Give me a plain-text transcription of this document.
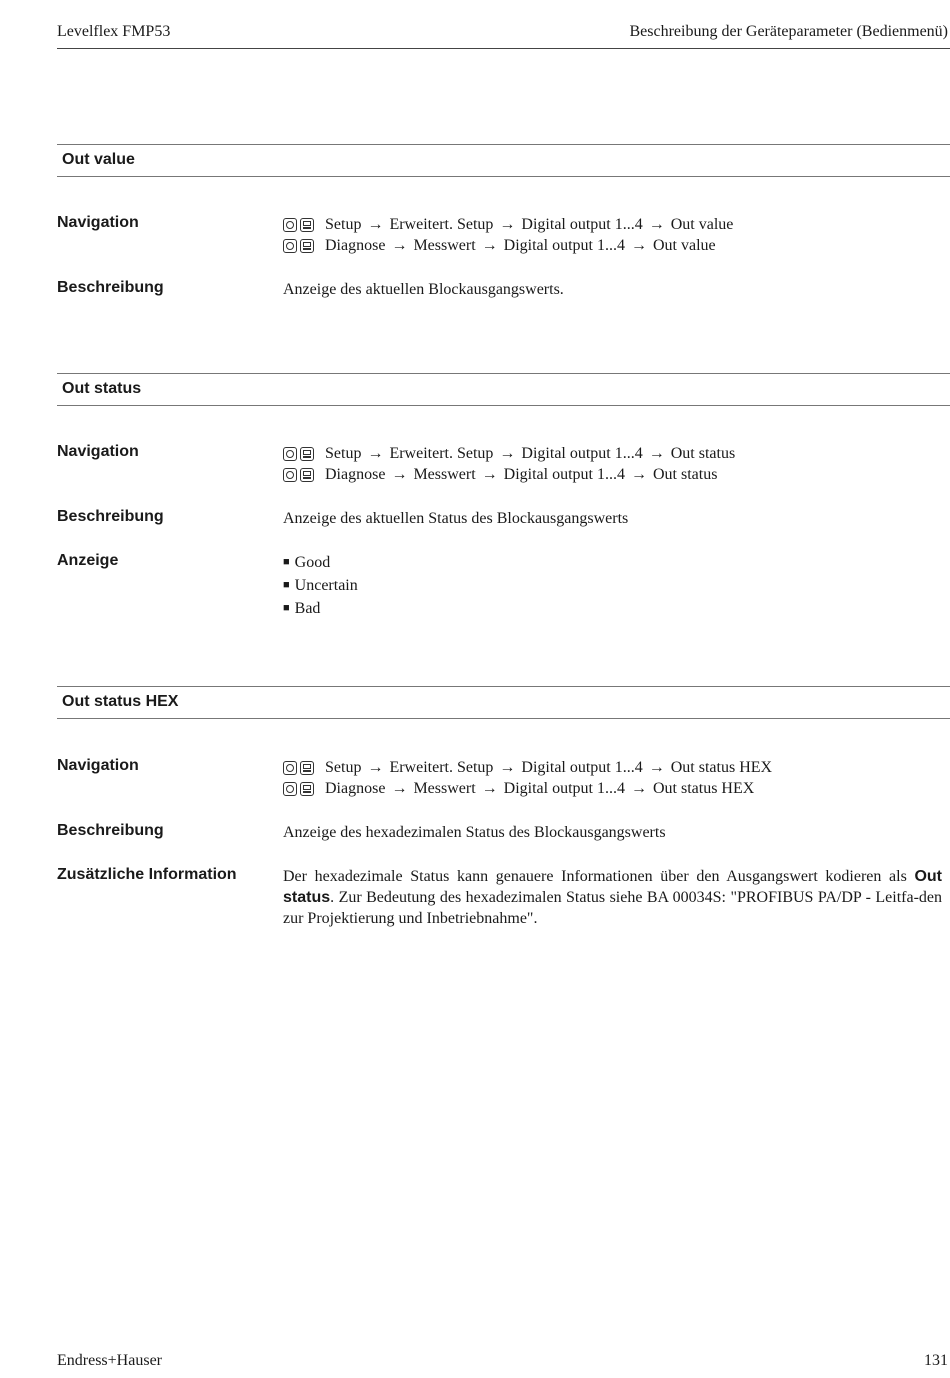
Levelflex FMP53	Beschreibung der Geräteparameter (Bedienmenü)
Out value
Navigation	Setup → Erweitert. Setup → Digital output 1...4 → Out value
Diagnose → Messwert → Digital output 1...4 → Out value
Beschreibung	Anzeige des aktuellen Blockausgangswerts.
Out status
Navigation	Setup → Erweitert. Setup → Digital output 1...4 → Out status
Diagnose → Messwert → Digital output 1...4 → Out status
Beschreibung	Anzeige des aktuellen Status des Blockausgangswerts
Anzeige
■	Good
■ Uncertain
■ Bad
Out status HEX
Navigation	Setup → Erweitert. Setup → Digital output 1...4 → Out status HEX
Diagnose → Messwert → Digital output 1...4 → Out status HEX
Beschreibung	Anzeige des hexadezimalen Status des Blockausgangswerts
Zusätzliche Information	Der hexadezimale Status kann genauere Informationen über den Ausgangswert kodieren als Out status. Zur Bedeutung des hexadezimalen Status siehe BA 00034S: "PROFIBUS PA/DP - Leitfa-den zur Projektierung und Inbetriebnahme".
Endress+Hauser	131
